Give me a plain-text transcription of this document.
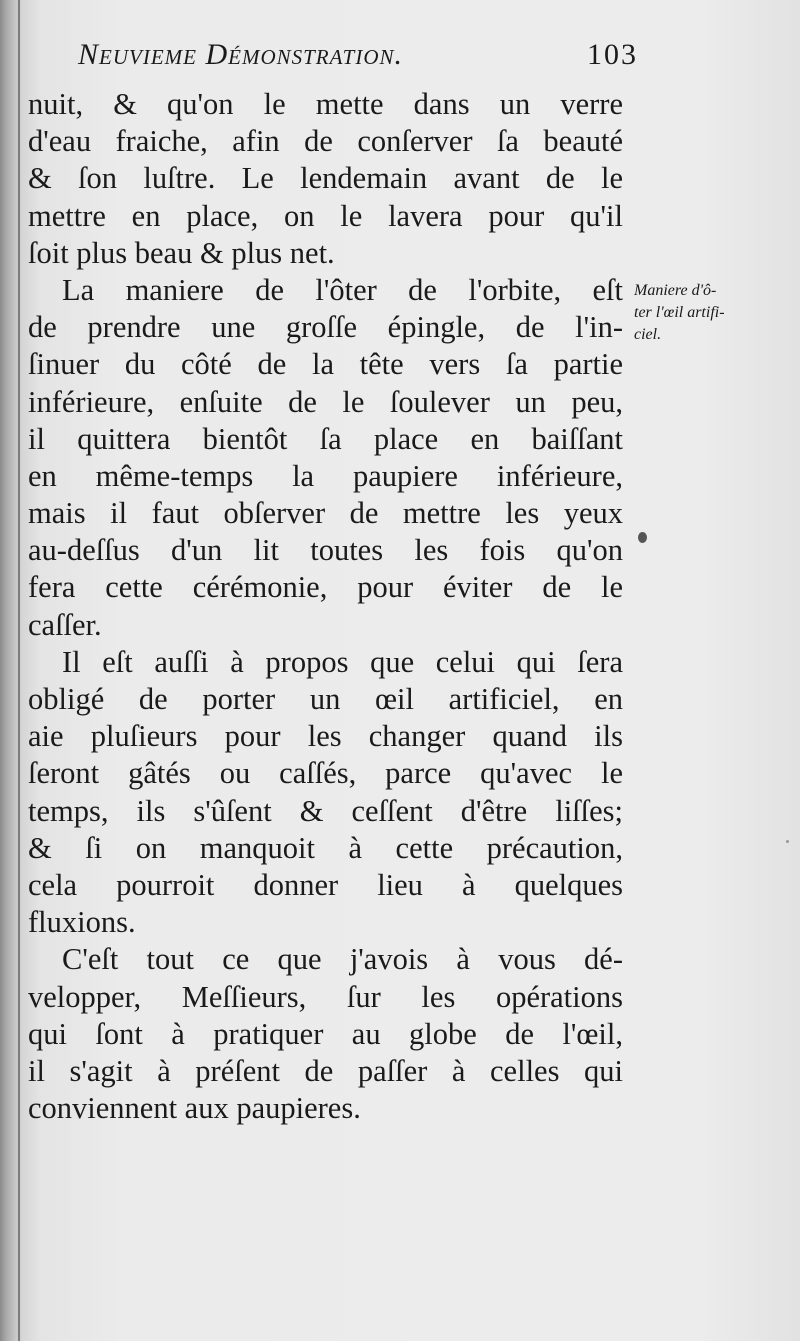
Neuvieme Démonstration.	103
Maniere d'ô-
ter l'œil artifi-
ciel.
nuit, & qu'on le mette dans un verre
d'eau fraiche, afin de conſerver ſa beauté
& ſon luſtre. Le lendemain avant de le
mettre en place, on le lavera pour qu'il
ſoit plus beau & plus net.
La maniere de l'ôter de l'orbite, eſt
de prendre une groſſe épingle, de l'in-
ſinuer du côté de la tête vers ſa partie
inférieure, enſuite de le ſoulever un peu,
il quittera bientôt ſa place en baiſſant
en même-temps la paupiere inférieure,
mais il faut obſerver de mettre les yeux
au-deſſus d'un lit toutes les fois qu'on
fera cette cérémonie, pour éviter de le
caſſer.
Il eſt auſſi à propos que celui qui ſera
obligé de porter un œil artificiel, en
aie pluſieurs pour les changer quand ils
ſeront gâtés ou caſſés, parce qu'avec le
temps, ils s'ûſent & ceſſent d'être liſſes;
& ſi on manquoit à cette précaution,
cela pourroit donner lieu à quelques
fluxions.
C'eſt tout ce que j'avois à vous dé-
velopper, Meſſieurs, ſur les opérations
qui ſont à pratiquer au globe de l'œil,
il s'agit à préſent de paſſer à celles qui
conviennent aux paupieres.
